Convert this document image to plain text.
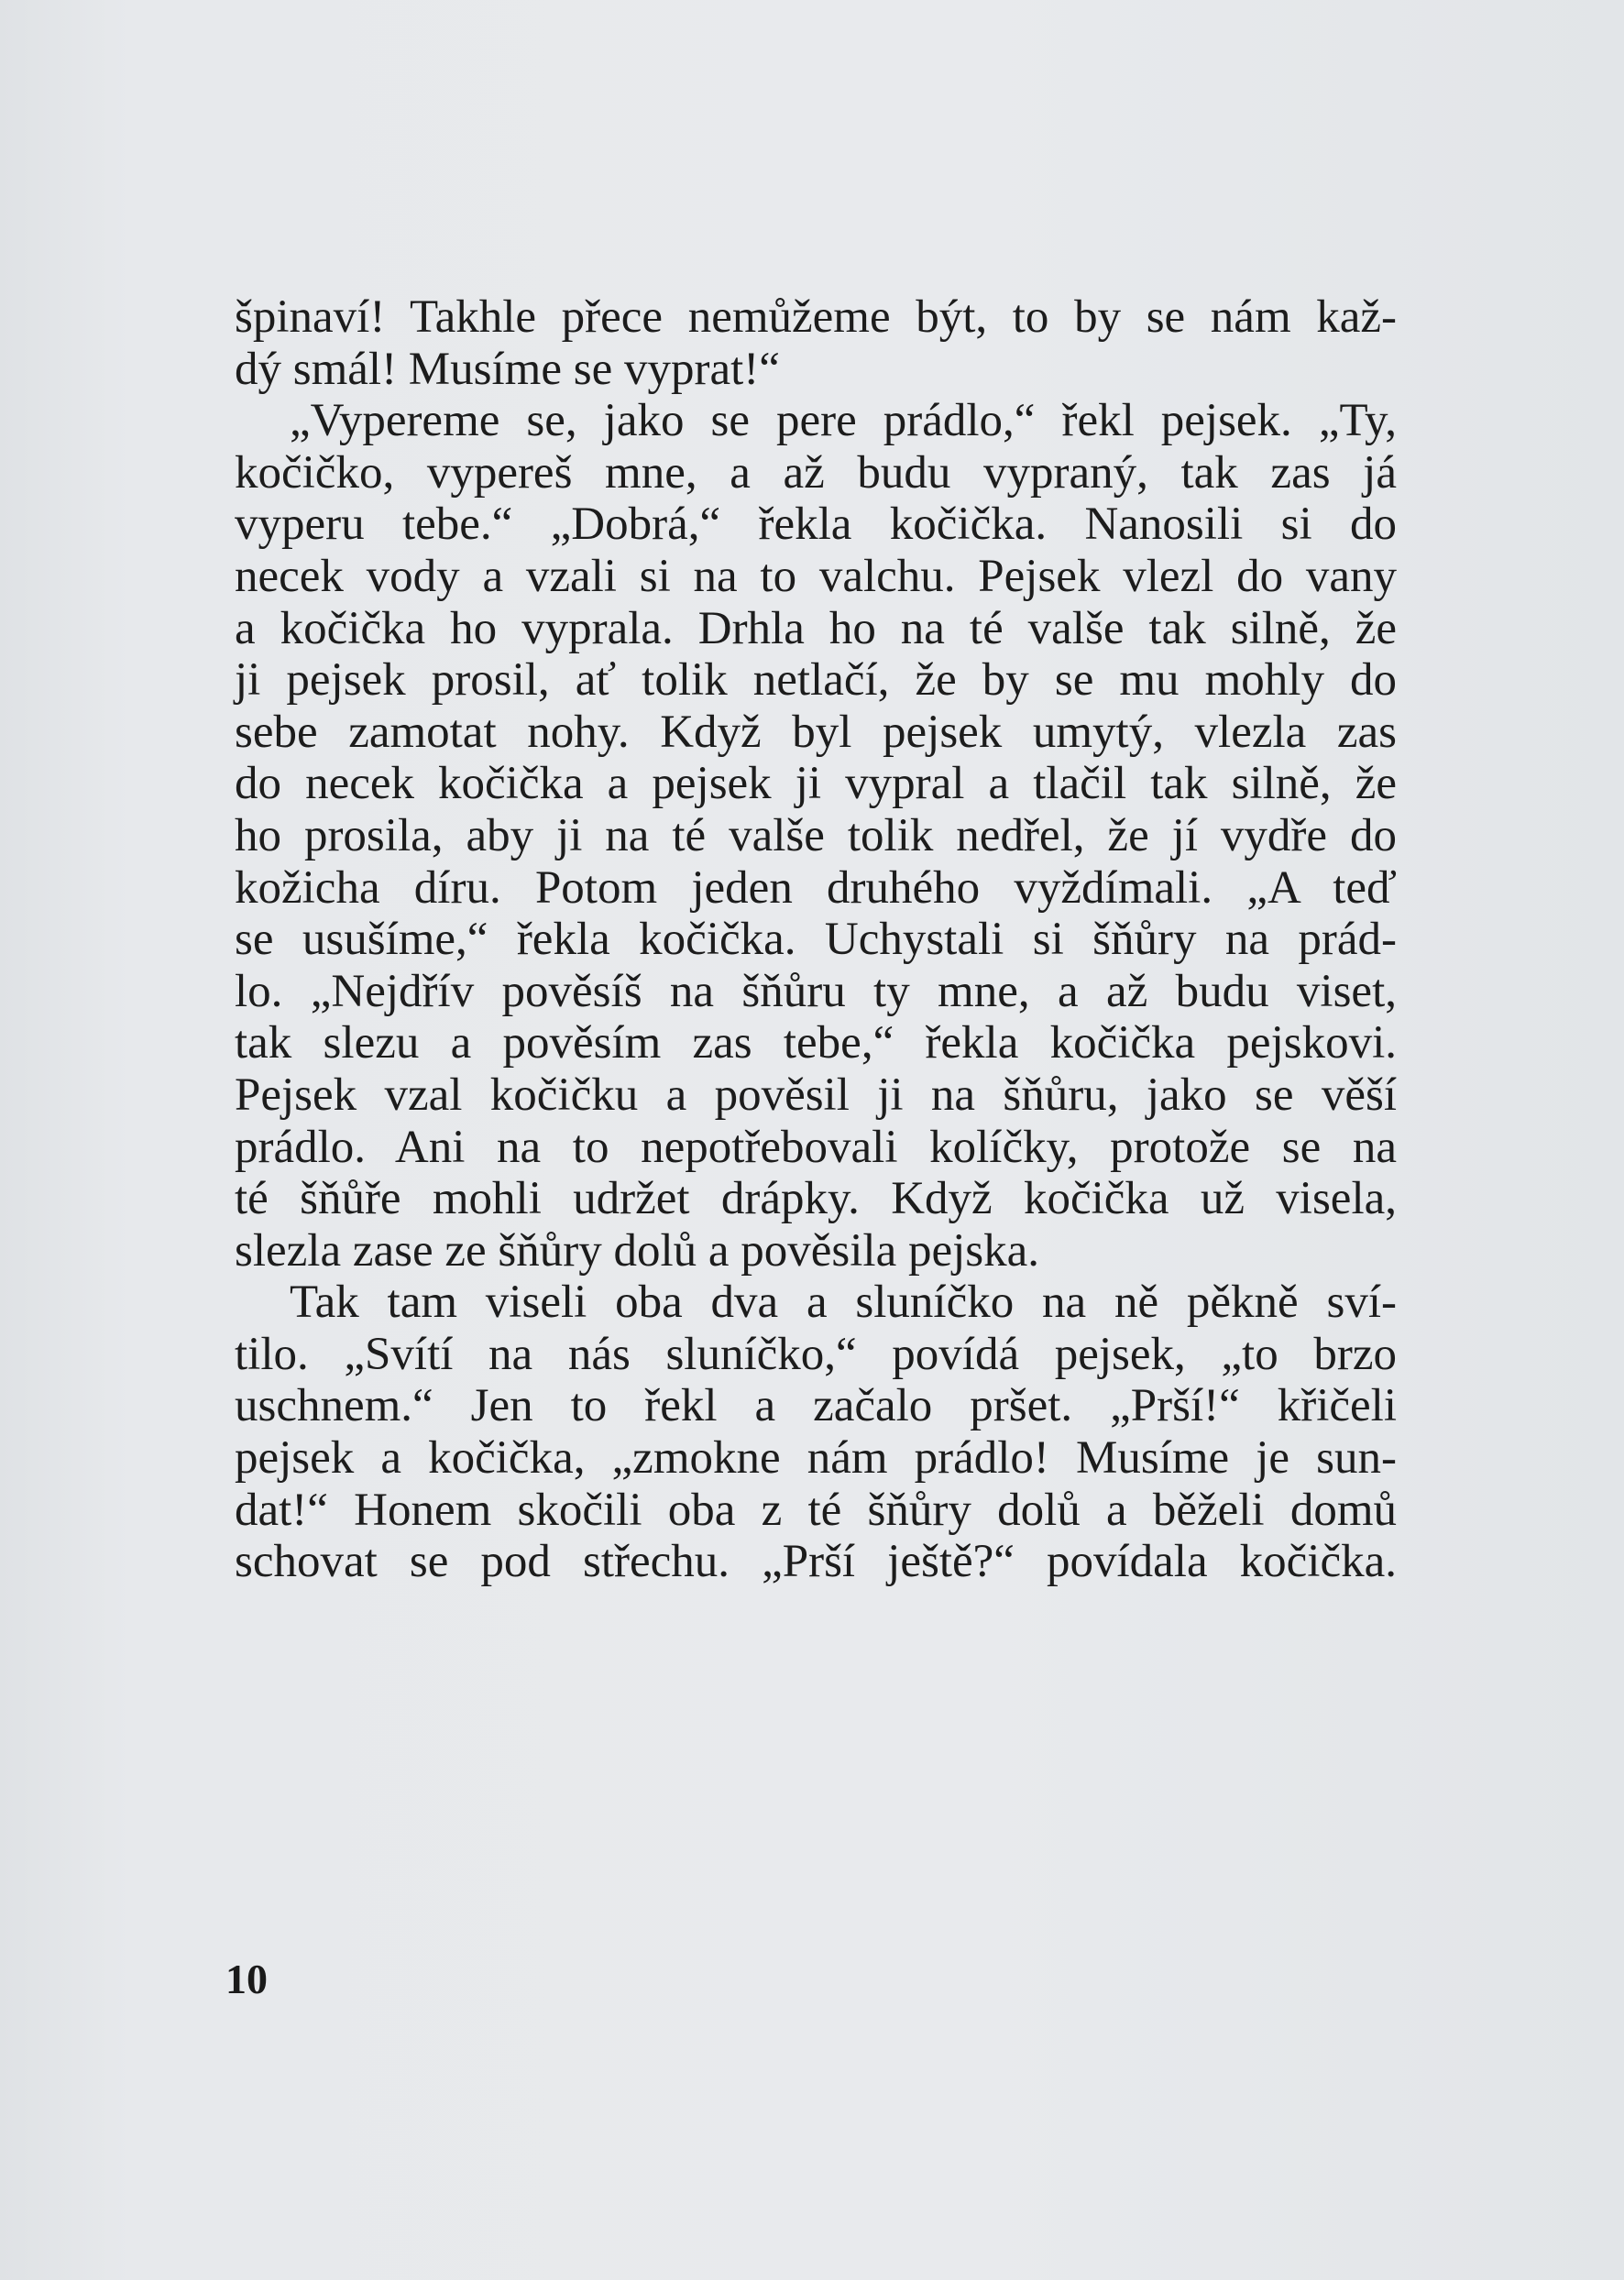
špinaví! Takhle přece nemůžeme být, to by se nám kaž-
dý smál! Musíme se vyprat!“
„Vypereme se, jako se pere prádlo,“ řekl pejsek. „Ty,
kočičko, vypereš mne, a až budu vypraný, tak zas já
vyperu tebe.“ „Dobrá,“ řekla kočička. Nanosili si do
necek vody a vzali si na to valchu. Pejsek vlezl do vany
a kočička ho vyprala. Drhla ho na té valše tak silně, že
ji pejsek prosil, ať tolik netlačí, že by se mu mohly do
sebe zamotat nohy. Když byl pejsek umytý, vlezla zas
do necek kočička a pejsek ji vypral a tlačil tak silně, že
ho prosila, aby ji na té valše tolik nedřel, že jí vydře do
kožicha díru. Potom jeden druhého vyždímali. „A teď
se usušíme,“ řekla kočička. Uchystali si šňůry na prád-
lo. „Nejdřív pověsíš na šňůru ty mne, a až budu viset,
tak slezu a pověsím zas tebe,“ řekla kočička pejskovi.
Pejsek vzal kočičku a pověsil ji na šňůru, jako se věší
prádlo. Ani na to nepotřebovali kolíčky, protože se na
té šňůře mohli udržet drápky. Když kočička už visela,
slezla zase ze šňůry dolů a pověsila pejska.
Tak tam viseli oba dva a sluníčko na ně pěkně sví-
tilo. „Svítí na nás sluníčko,“ povídá pejsek, „to brzo
uschnem.“ Jen to řekl a začalo pršet. „Prší!“ křičeli
pejsek a kočička, „zmokne nám prádlo! Musíme je sun-
dat!“ Honem skočili oba z té šňůry dolů a běželi domů
schovat se pod střechu. „Prší ještě?“ povídala kočička.
10
